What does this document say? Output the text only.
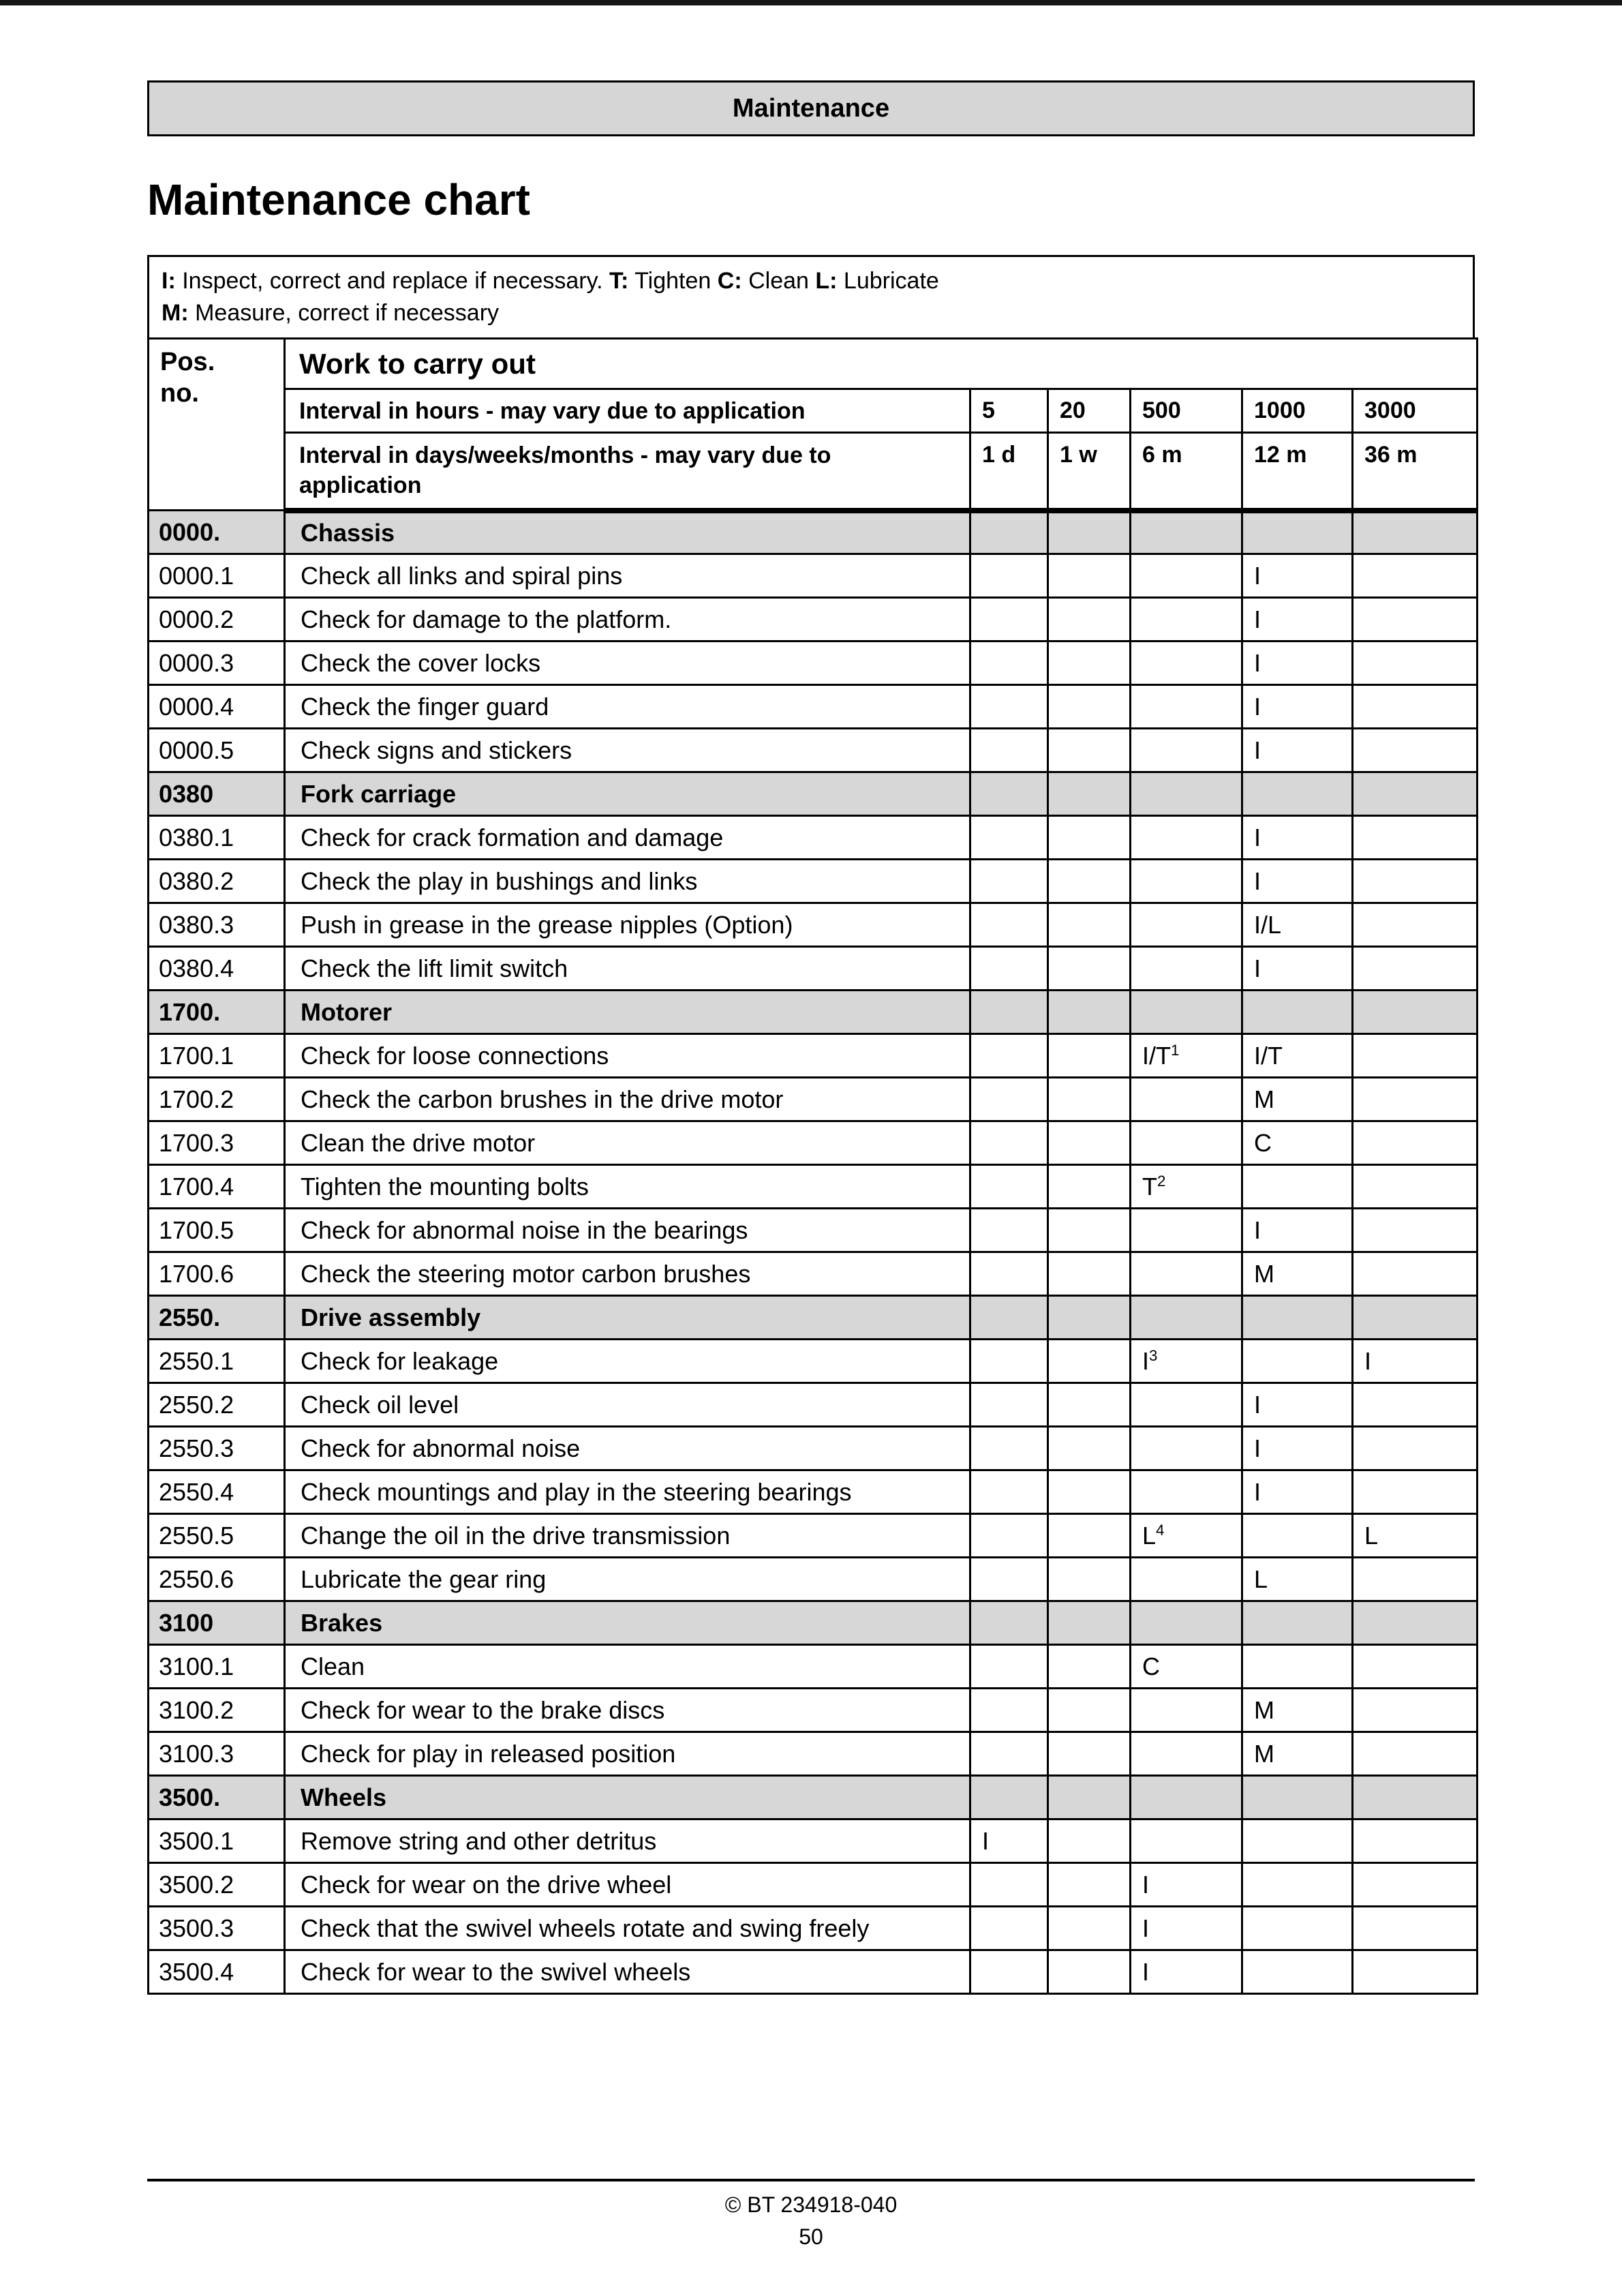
Maintenance
Maintenance chart
I: Inspect, correct and replace if necessary. T: Tighten C: Clean L: Lubricate
M: Measure, correct if necessary
Pos.
no.	Work to carry out					
	Interval in hours - may vary due to application	5	20	500	1000	3000
	Interval in days/weeks/months - may vary due to application	1 d	1 w	6 m	12 m	36 m
0000.	Chassis					
0000.1	Check all links and spiral pins				I	
0000.2	Check for damage to the platform.				I	
0000.3	Check the cover locks				I	
0000.4	Check the finger guard				I	
0000.5	Check signs and stickers				I	
0380	Fork carriage					
0380.1	Check for crack formation and damage				I	
0380.2	Check the play in bushings and links				I	
0380.3	Push in grease in the grease nipples (Option)				I/L	
0380.4	Check the lift limit switch				I	
1700.	Motorer					
1700.1	Check for loose connections			$I/T^1$	I/T	
1700.2	Check the carbon brushes in the drive motor				M	
1700.3	Clean the drive motor				C	
1700.4	Tighten the mounting bolts			$T^2$		
1700.5	Check for abnormal noise in the bearings				I	
1700.6	Check the steering motor carbon brushes				M	
2550.	Drive assembly					
2550.1	Check for leakage			$I^3$		I
2550.2	Check oil level				I	
2550.3	Check for abnormal noise				I	
2550.4	Check mountings and play in the steering bearings				I	
2550.5	Change the oil in the drive transmission			$L^4$		L
2550.6	Lubricate the gear ring				L	
3100	Brakes					
3100.1	Clean			C		
3100.2	Check for wear to the brake discs				M	
3100.3	Check for play in released position				M	
3500.	Wheels					
3500.1	Remove string and other detritus	I				
3500.2	Check for wear on the drive wheel			I		
3500.3	Check that the swivel wheels rotate and swing freely			I		
3500.4	Check for wear to the swivel wheels			I		
© BT 234918-040
50
